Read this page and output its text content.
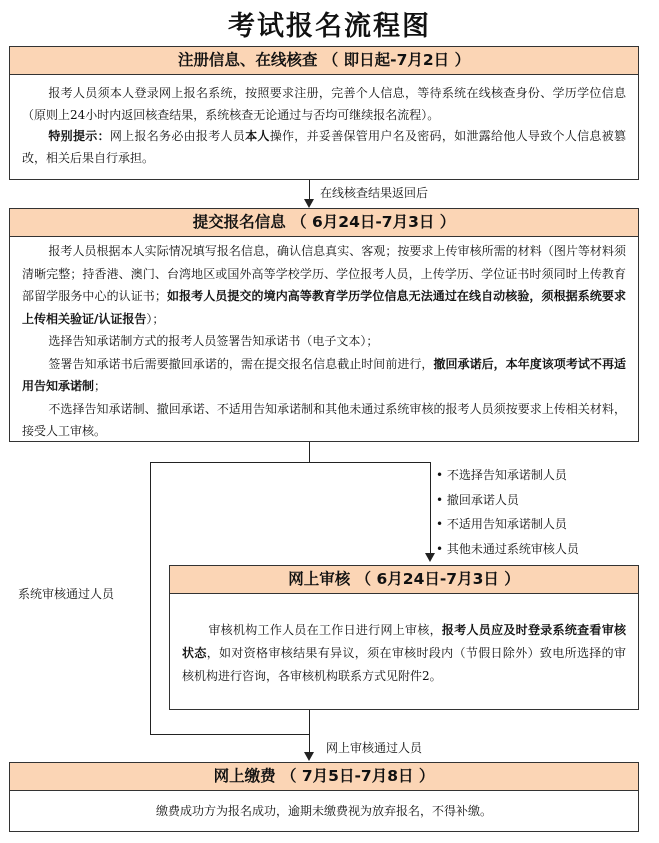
考试报名流程图
注册信息、在线核查 （ 即日起-7月2日 ）

报考人员须本人登录网上报名系统，按照要求注册，完善个人信息，等待系统在线核查身份、学历学位信息（原则上24小时内返回核查结果，系统核查无论通过与否均可继续报名流程）。

特别提示：网上报名务必由报考人员本人操作，并妥善保管用户名及密码，如泄露给他人导致个人信息被篡改，相关后果自行承担。

在线核查结果返回后
提交报名信息 （ 6月24日-7月3日 ）

报考人员根据本人实际情况填写报名信息，确认信息真实、客观；按要求上传审核所需的材料（图片等材料须清晰完整；持香港、澳门、台湾地区或国外高等学校学历、学位报考人员，上传学历、学位证书时须同时上传教育部留学服务中心的认证书；如报考人员提交的境内高等教育学历学位信息无法通过在线自动核验，须根据系统要求上传相关验证/认证报告）；

选择告知承诺制方式的报考人员签署告知承诺书（电子文本）；

签署告知承诺书后需要撤回承诺的，需在提交报名信息截止时间前进行，撤回承诺后，本年度该项考试不再适用告知承诺制；

不选择告知承诺制、撤回承诺、不适用告知承诺制和其他未通过系统审核的报考人员须按要求上传相关材料，接受人工审核。

• 不选择告知承诺制人员
• 撤回承诺人员
• 不适用告知承诺制人员
• 其他未通过系统审核人员
系统审核通过人员
网上审核 （ 6月24日-7月3日 ）

审核机构工作人员在工作日进行网上审核，报考人员应及时登录系统查看审核状态，如对资格审核结果有异议，须在审核时段内（节假日除外）致电所选择的审核机构进行咨询，各审核机构联系方式见附件2。

网上审核通过人员
网上缴费 （ 7月5日-7月8日 ）
缴费成功方为报名成功，逾期未缴费视为放弃报名，不得补缴。
